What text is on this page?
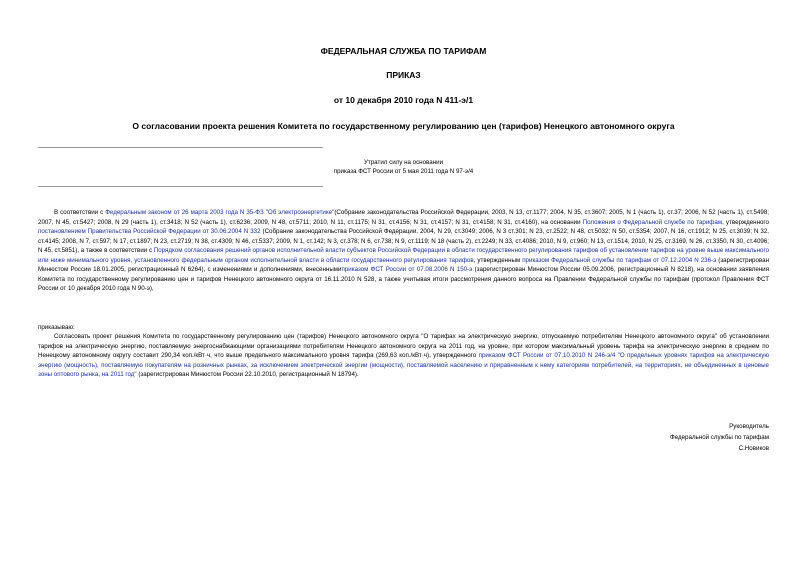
ФЕДЕРАЛЬНАЯ СЛУЖБА ПО ТАРИФАМ
ПРИКАЗ
от 10 декабря 2010 года N 411-э/1
О согласовании проекта решения Комитета по государственному регулированию цен (тарифов) Ненецкого автономного округа
Утратил силу на основании
приказа ФСТ России от 5 мая 2011 года N 97-э/4
В соответствии с Федеральным законом от 26 марта 2003 года N 35-ФЗ "Об электроэнергетике"(Собрание законодательства Российской Федерации, 2003, N 13, ст.1177; 2004, N 35, ст.3607; 2005, N 1 (часть 1), ст.37; 2006, N 52 (часть 1), ст.5498; 2007, N 45, ст.5427; 2008, N 29 (часть 1), ст.3418; N 52 (часть 1), ст.6236; 2009, N 48, ст.5711; 2010, N 11, ст.1175; N 31, ст.4156; N 31, ст.4157; N 31, ст.4158; N 31, ст.4160), на основании Положения о Федеральной службе по тарифам, утвержденного постановлением Правительства Российской Федерации от 30.06.2004 N 332 (Собрание законодательства Российской Федерации, 2004, N 29, ст.3049; 2006, N 3 ст.301; N 23, ст.2522; N 48, ст.5032; N 50, ст.5354; 2007, N 16, ст.1912; N 25, ст.3039; N 32, ст.4145; 2008, N 7, ст.597; N 17, ст.1897; N 23, ст.2719; N 38, ст.4309; N 46, ст.5337; 2009, N 1, ст.142; N 3, ст.378; N 6, ст.738; N 9, ст.1119; N 18 (часть 2), ст.2249; N 33, ст.4086; 2010, N 9, ст.960; N 13, ст.1514, 2010, N 25, ст.3169, N 26, ст.3350, N 30, ст.4096; N 45, ст.5851), а также в соответствии с Порядком согласования решений органов исполнительной власти субъектов Российской Федерации в области государственного регулирования тарифов об установлении тарифов на уровне выше максимального или ниже минимального уровня, установленного федеральным органом исполнительной власти в области государственного регулирования тарифов, утвержденным приказом Федеральной службы по тарифам от 07.12.2004 N 236-э (зарегистрирован Минюстом России 18.01.2005, регистрационный N 6264), с изменениями и дополнениями, внесеннымиприказом ФСТ России от 07.08.2006 N 150-э (зарегистрирован Минюстом России 05.09.2006, регистрационный N 8218), на основании заявления Комитета по государственному регулированию цен и тарифов Ненецкого автономного округа от 16.11.2010 N 528, а также учитывая итоги рассмотрения данного вопроса на Правлении Федеральной службы по тарифам (протокол Правления ФСТ России от 10 декабря 2010 года N 90-э),
приказываю:
Согласовать проект решения Комитета по государственному регулированию цен (тарифов) Ненецкого автономного округа "О тарифах на электрическую энергию, отпускаемую потребителям Ненецкого автономного округа" об установлении тарифов на электрическую энергию, поставляемую энергоснабжающими организациями потребителям Ненецкого автономного округа на 2011 год, на уровне, при котором максимальный уровень тарифа на электрическую энергию в среднем по Ненецкому автономному округу составит 290,34 коп./кВт·ч, что выше предельного максимального уровня тарифа (269,63 коп./кВт·ч), утвержденного приказом ФСТ России от 07.10.2010 N 246-э/4 "О предельных уровнях тарифов на электрическую энергию (мощность), поставляемую покупателям на розничных рынках, за исключением электрической энергии (мощности), поставляемой населению и приравненным к нему категориям потребителей, на территориях, не объединенных в ценовые зоны оптового рынка, на 2011 год" (зарегистрирован Минюстом России 22.10.2010, регистрационный N 18794).
Руководитель
Федеральной службы по тарифам
С.Новиков
